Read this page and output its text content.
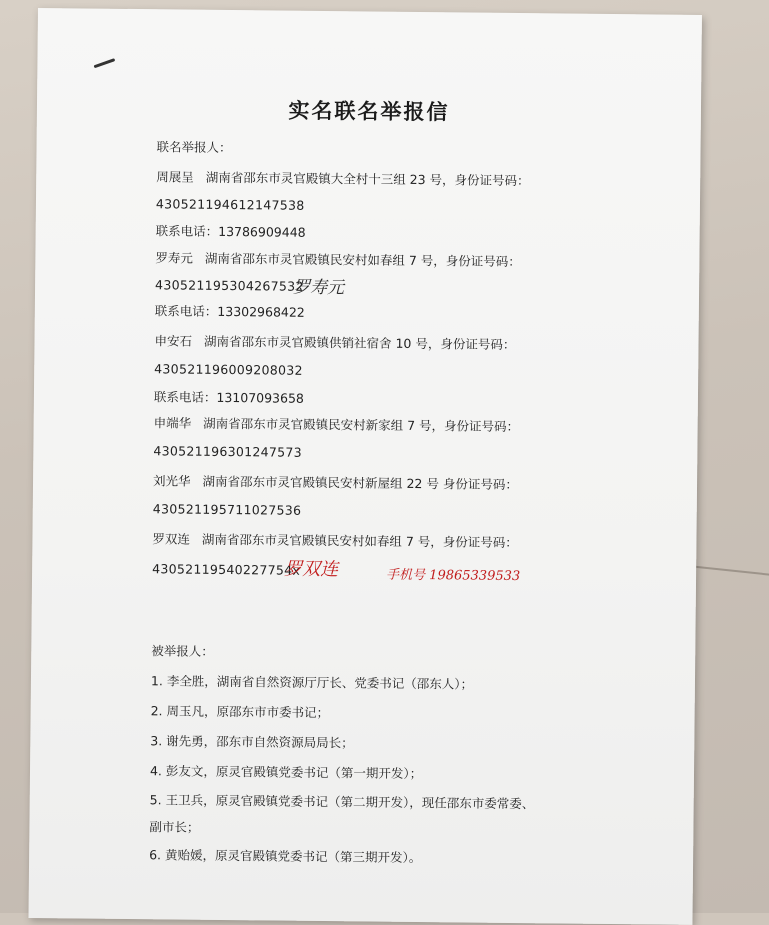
实名联名举报信
联名举报人：
周展呈 湖南省邵东市灵官殿镇大全村十三组 23 号，身份证号码：
430521194612147538
联系电话：13786909448
罗寿元 湖南省邵东市灵官殿镇民安村如春组 7 号，身份证号码：
430521195304267532
罗寿元
联系电话：13302968422
申安石 湖南省邵东市灵官殿镇供销社宿舍 10 号，身份证号码：
430521196009208032
联系电话：13107093658
申端华 湖南省邵东市灵官殿镇民安村新家组 7 号，身份证号码：
430521196301247573
刘光华 湖南省邵东市灵官殿镇民安村新屋组 22 号 身份证号码：
430521195711027536
罗双连 湖南省邵东市灵官殿镇民安村如春组 7 号，身份证号码：
43052119540227754x
罗双连	手机号 19865339533
被举报人：
1. 李全胜，湖南省自然资源厅厅长、党委书记（邵东人）；
2. 周玉凡，原邵东市市委书记；
3. 谢先勇，邵东市自然资源局局长；
4. 彭友文，原灵官殿镇党委书记（第一期开发）；
5. 王卫兵，原灵官殿镇党委书记（第二期开发），现任邵东市委常委、
副市长；
6. 黄贻媛，原灵官殿镇党委书记（第三期开发）。
